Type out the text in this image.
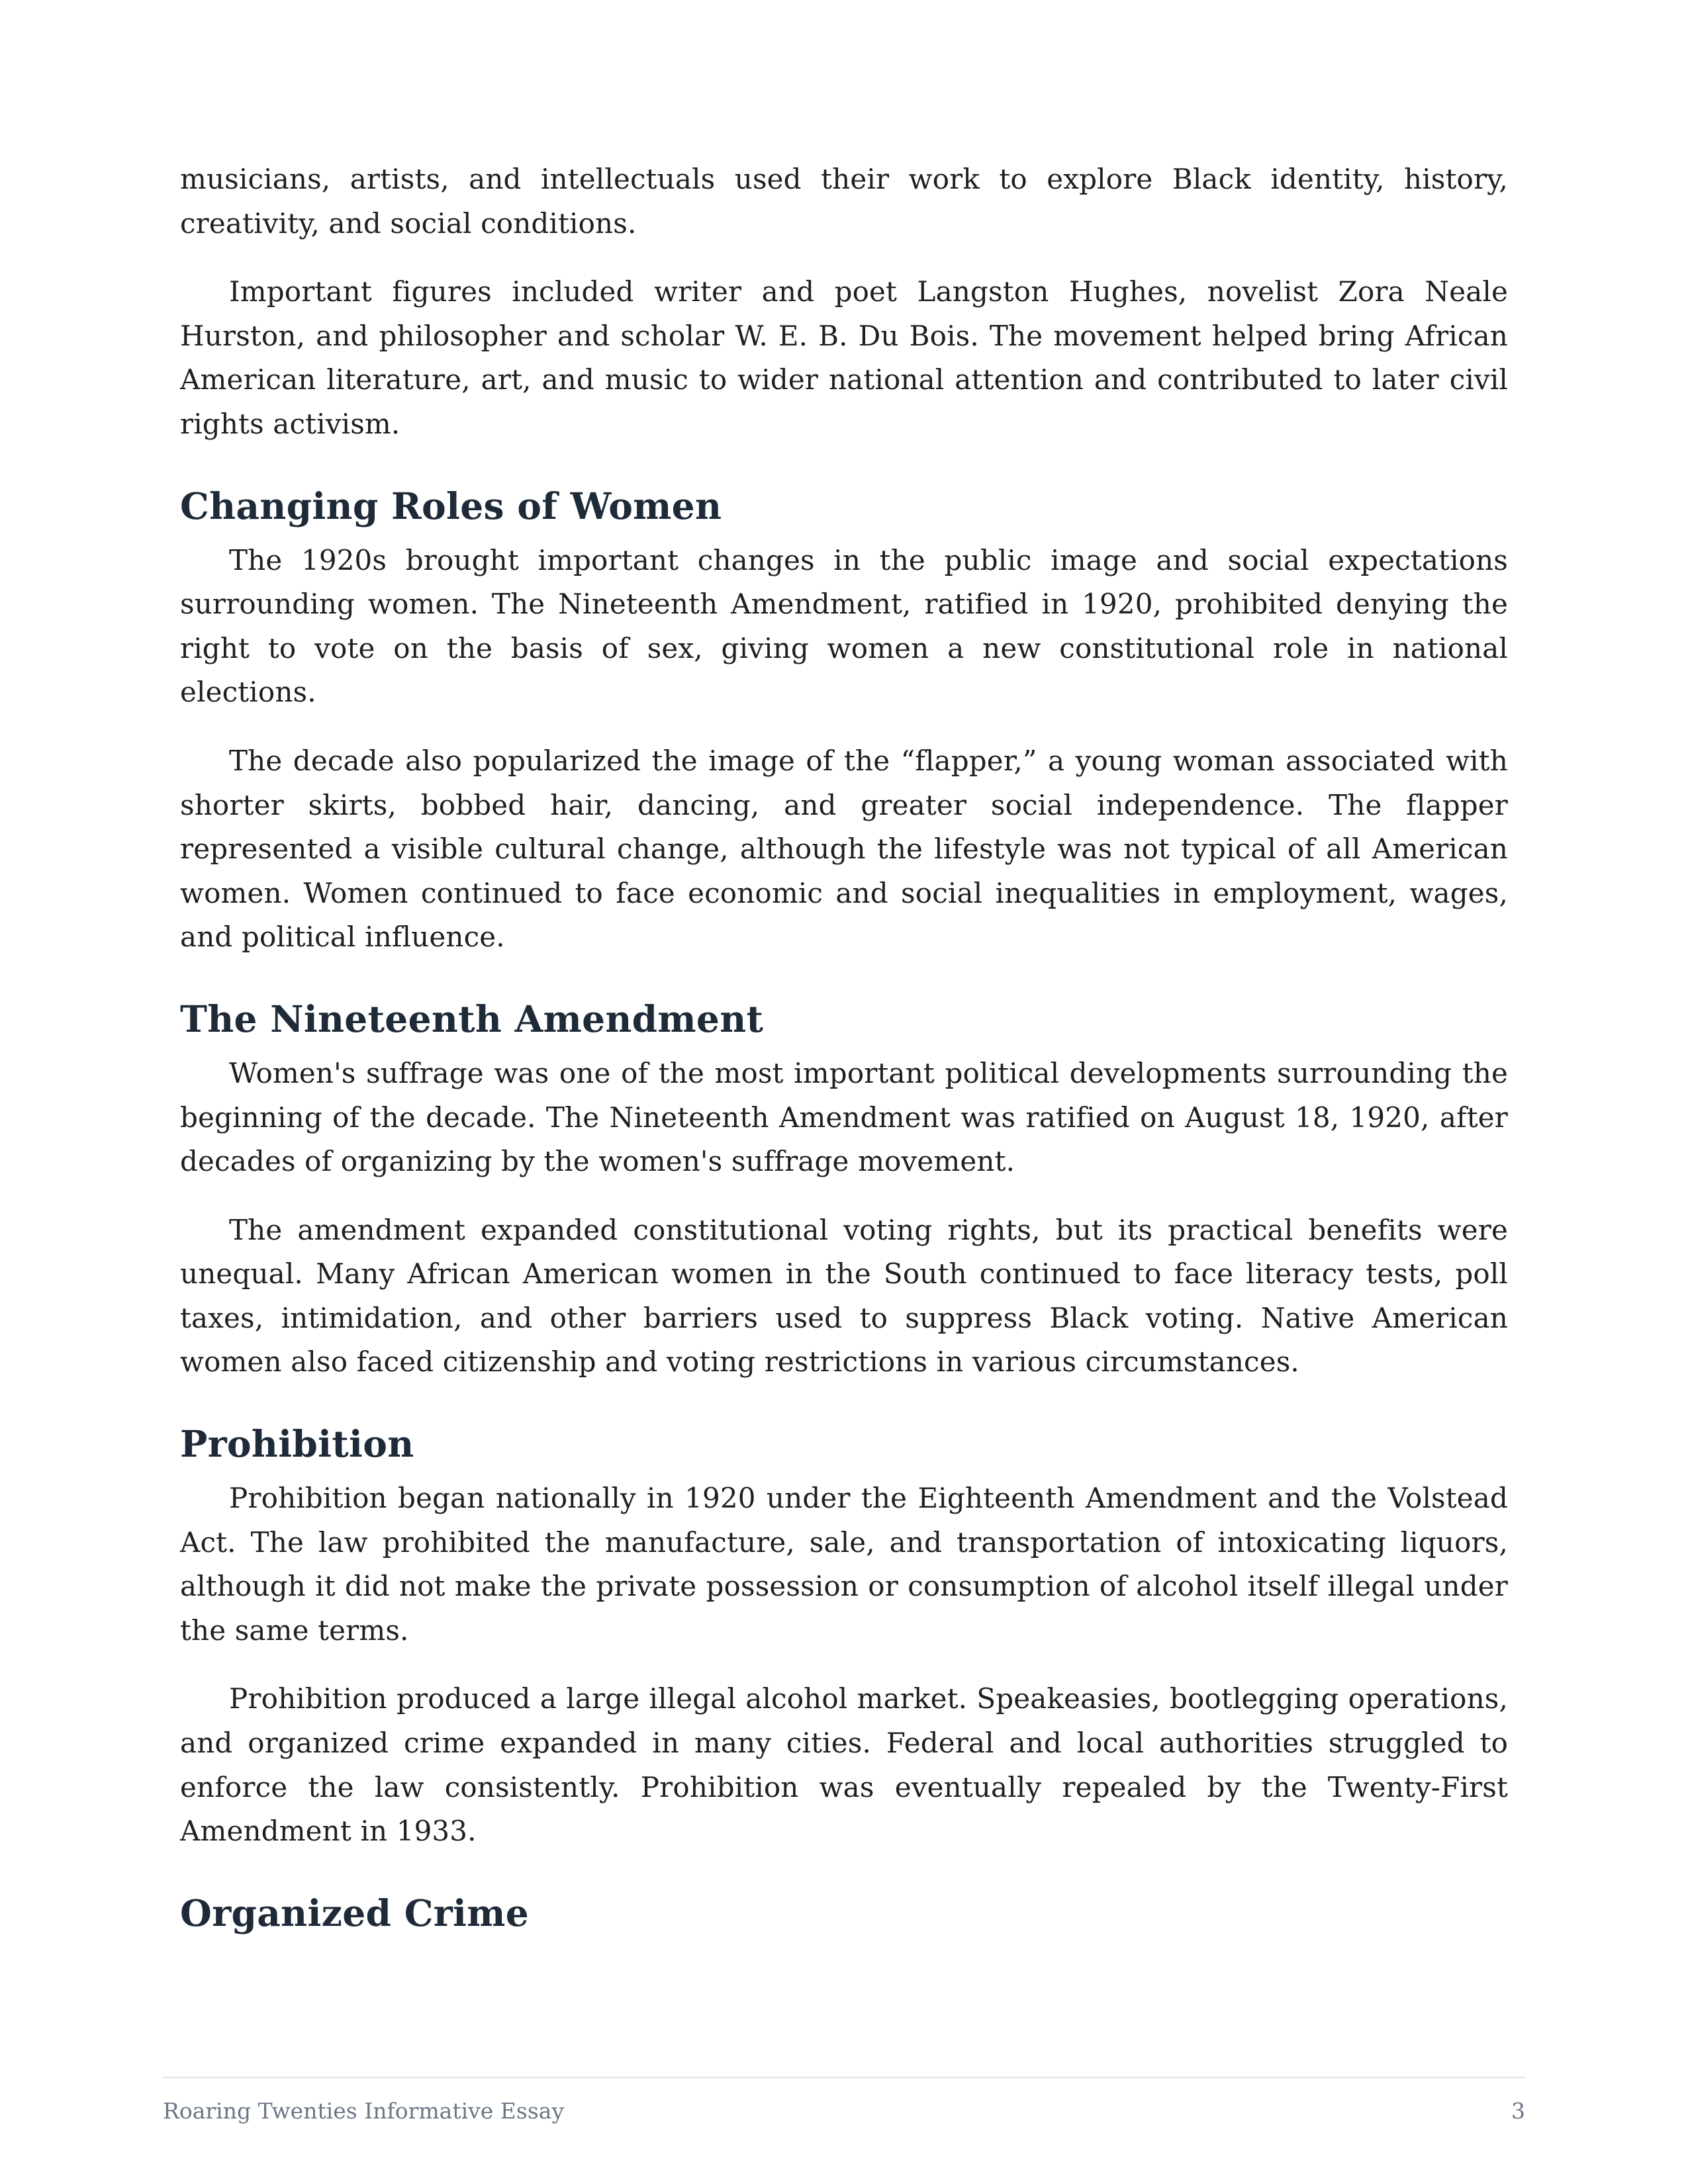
musicians, artists, and intellectuals used their work to explore Black identity, history, creativity, and social conditions.

Important figures included writer and poet Langston Hughes, novelist Zora Neale Hurston, and philosopher and scholar W. E. B. Du Bois. The movement helped bring African American literature, art, and music to wider national attention and contributed to later civil rights activism.

Changing Roles of Women

The 1920s brought important changes in the public image and social expectations surrounding women. The Nineteenth Amendment, ratified in 1920, prohibited denying the right to vote on the basis of sex, giving women a new constitutional role in national elections.

The decade also popularized the image of the “flapper,” a young woman associated with shorter skirts, bobbed hair, dancing, and greater social independence. The flapper represented a visible cultural change, although the lifestyle was not typical of all American women. Women continued to face economic and social inequalities in employment, wages, and political influence.

The Nineteenth Amendment

Women's suffrage was one of the most important political developments surrounding the beginning of the decade. The Nineteenth Amendment was ratified on August 18, 1920, after decades of organizing by the women's suffrage movement.

The amendment expanded constitutional voting rights, but its practical benefits were unequal. Many African American women in the South continued to face literacy tests, poll taxes, intimidation, and other barriers used to suppress Black voting. Native American women also faced citizenship and voting restrictions in various circumstances.

Prohibition

Prohibition began nationally in 1920 under the Eighteenth Amendment and the Volstead Act. The law prohibited the manufacture, sale, and transportation of intoxicating liquors, although it did not make the private possession or consumption of alcohol itself illegal under the same terms.

Prohibition produced a large illegal alcohol market. Speakeasies, bootlegging operations, and organized crime expanded in many cities. Federal and local authorities struggled to enforce the law consistently. Prohibition was eventually repealed by the Twenty-First Amendment in 1933.

Organized Crime
Roaring Twenties Informative Essay	3
